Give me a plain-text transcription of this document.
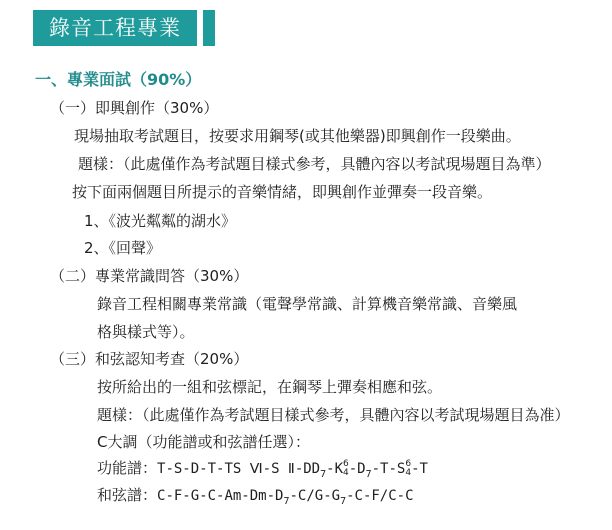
錄音工程專業
一、專業面試（90%）
（一）即興創作（30%）
現場抽取考試題目，按要求用鋼琴(或其他樂器)即興創作一段樂曲。
題樣：（此處僅作為考試題目樣式參考，具體內容以考試現場題目為準）
按下面兩個題目所提示的音樂情緒，即興創作並彈奏一段音樂。
1、《波光粼粼的湖水》
2、《回聲》
（二）專業常識問答（30%）
錄音工程相關專業常識（電聲學常識、計算機音樂常識、音樂風
格與樣式等）。
（三）和弦認知考查（20%）
按所給出的一組和弦標記，在鋼琴上彈奏相應和弦。
題樣：（此處僅作為考試題目樣式參考，具體內容以考試現場題目為准）
C大調（功能譜或和弦譜任選）：
功能譜：T-S-D-T-TS Ⅵ-S $Ⅱ-DD_7-K$ 6
4 $-D_7-T-S$ 6
4 -T
和弦譜：$C-F-G-C-Am-Dm-D_7-C/G-G_7-C-F/C-C$
